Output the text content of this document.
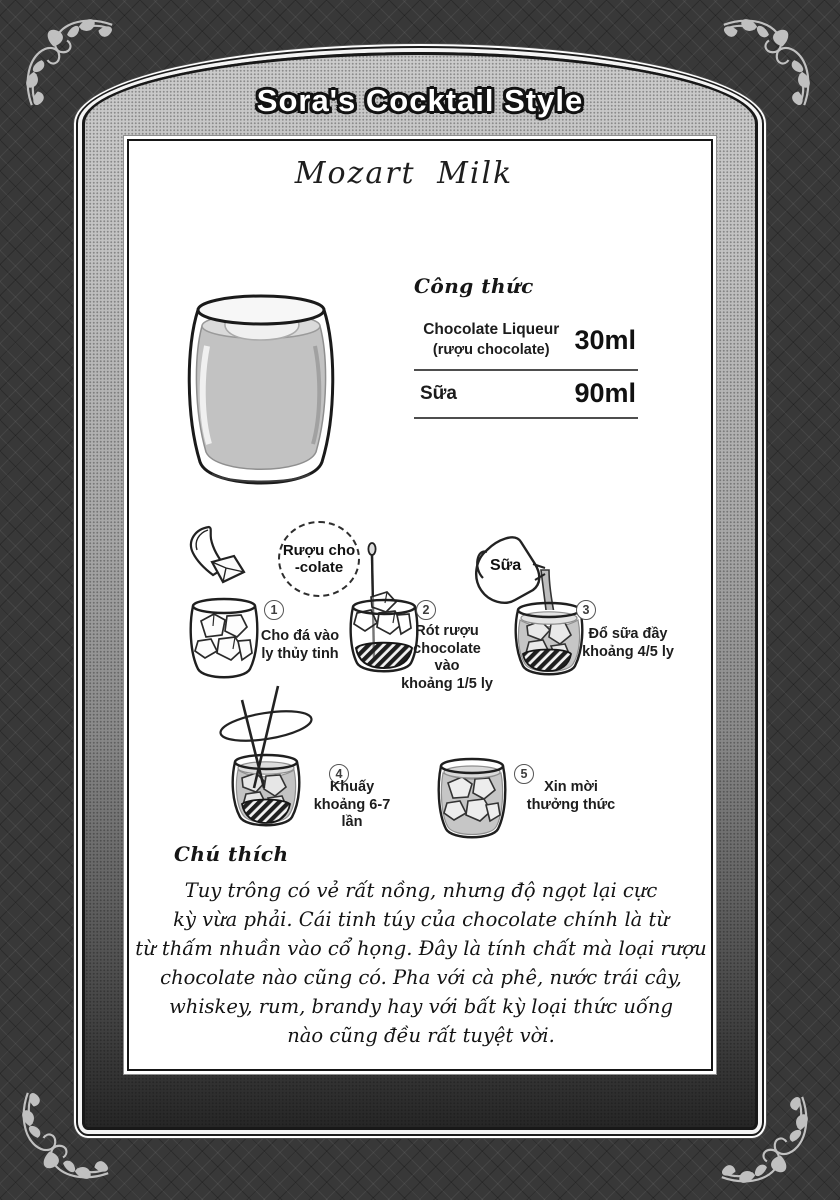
Sora's Cocktail Style
Mozart Milk
Công thức
Chocolate Liqueur
(rượu chocolate) 30ml
Sữa	90ml
Rượu cho
-colate	Sữa
1
Cho đá vào
ly thủy tinh
2
Rót rượu
chocolate vào
khoảng 1/5 ly
3
Đổ sữa đầy
khoảng 4/5 ly
4
Khuấy
khoảng 6-7 lần
5
Xin mời
thưởng thức
Chú thích
Tuy trông có vẻ rất nồng, nhưng độ ngọt lại cực
kỳ vừa phải. Cái tinh túy của chocolate chính là từ
từ thấm nhuần vào cổ họng. Đây là tính chất mà loại rượu
chocolate nào cũng có. Pha với cà phê, nước trái cây,
whiskey, rum, brandy hay với bất kỳ loại thức uống
nào cũng đều rất tuyệt vời.
